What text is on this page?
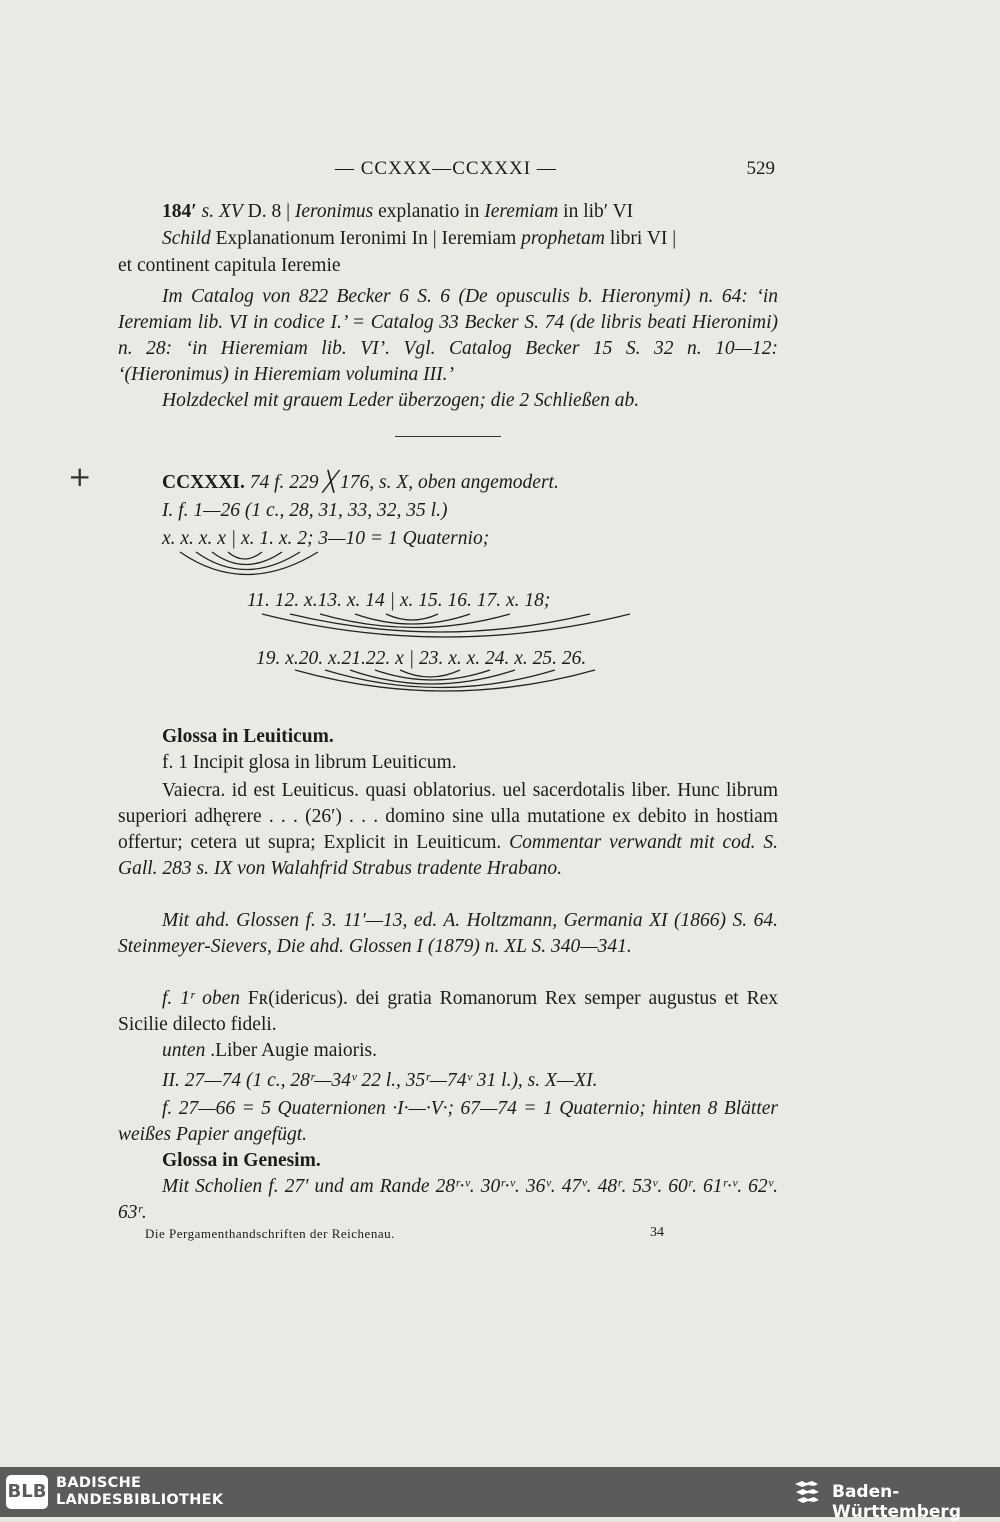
— CCXXX—CCXXXI —	529
184′ s. XV D. 8 | Ieronimus explanatio in Ieremiam in lib′ VI
Schild Explanationum Ieronimi In | Ieremiam prophetam libri VI |
et continent capitula Ieremie
Im Catalog von 822 Becker 6 S. 6 (De opusculis b. Hieronymi) n. 64: ‘in Ieremiam lib. VI in codice I.’ = Catalog 33 Becker S. 74 (de libris beati Hieronimi) n. 28: ‘in Hieremiam lib. VI’. Vgl. Catalog Becker 15 S. 32 n. 10—12: ‘(Hieronimus) in Hieremiam volumina III.’
Holzdeckel mit grauem Leder überzogen; die 2 Schließen ab.
+	CCXXXI. 74 f. 229 ╳ 176, s. X, oben angemodert.
I. f. 1—26 (1 c., 28, 31, 33, 32, 35 l.)
x. x. x. x | x. 1. x. 2; 3—10 = 1 Quaternio;
11. 12. x.13. x. 14 | x. 15. 16. 17. x. 18;
19. x.20. x.21.22. x | 23. x. x. 24. x. 25. 26.
Glossa in Leuiticum.
f. 1 Incipit glosa in librum Leuiticum.
Vaiecra. id est Leuiticus. quasi oblatorius. uel sacerdotalis liber. Hunc librum superiori adhęrere . . . (26′) . . . domino sine ulla mutatione ex debito in hostiam offertur; cetera ut supra; Explicit in Leuiticum. Commentar verwandt mit cod. S. Gall. 283 s. IX von Walahfrid Strabus tradente Hrabano.
Mit ahd. Glossen f. 3. 11′—13, ed. A. Holtzmann, Germania XI (1866) S. 64. Steinmeyer-Sievers, Die ahd. Glossen I (1879) n. XL S. 340—341.
f. 1ʳ oben Fʀ(idericus). dei gratia Romanorum Rex semper augustus et Rex Sicilie dilecto fideli.
unten .Liber Augie maioris.
II. 27—74 (1 c., 28ʳ—34ᵛ 22 l., 35ʳ—74ᵛ 31 l.), s. X—XI.
f. 27—66 = 5 Quaternionen ·I·—·V·; 67—74 = 1 Quaternio; hinten 8 Blätter weißes Papier angefügt.
Glossa in Genesim.
Mit Scholien f. 27′ und am Rande 28ʳ·ᵛ. 30ʳ·ᵛ. 36ᵛ. 47ᵛ. 48ʳ. 53ᵛ. 60ʳ. 61ʳ·ᵛ. 62ᵛ. 63ʳ.
Die Pergamenthandschriften der Reichenau.	34
BLB BADISCHE
LANDESBIBLIOTHEK	Baden-Württemberg
